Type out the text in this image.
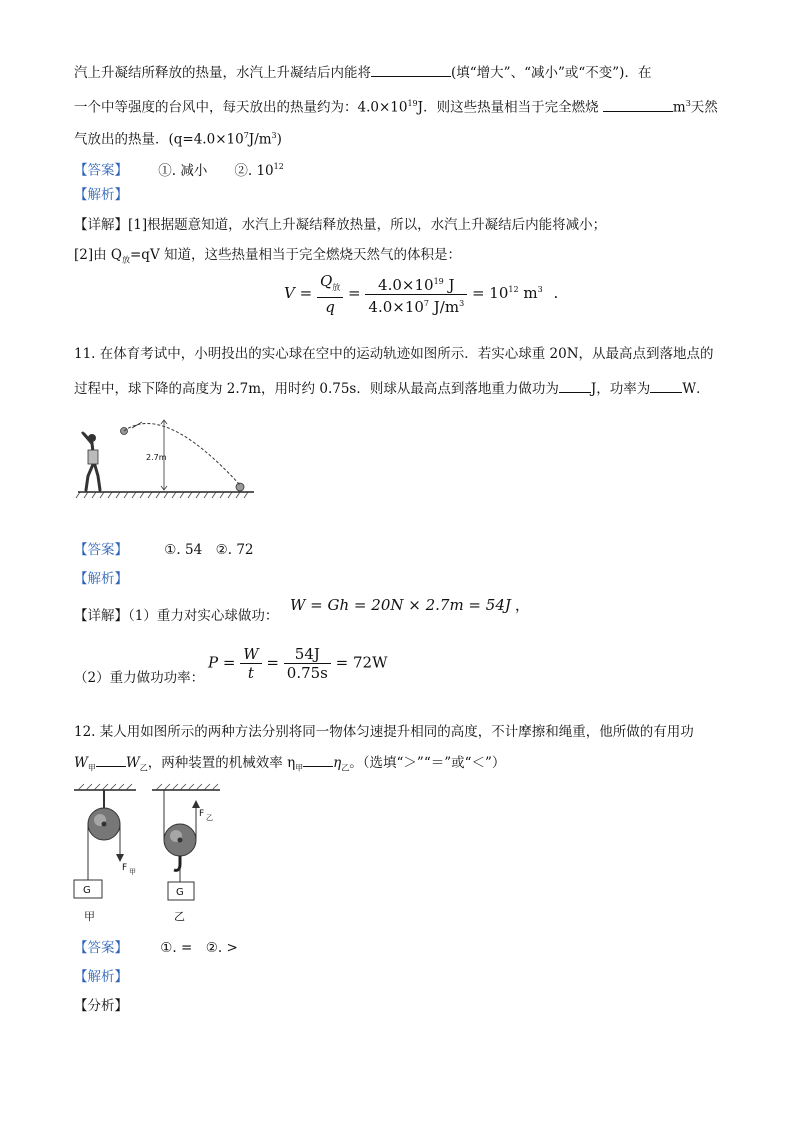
汽上升凝结所释放的热量，水汽上升凝结后内能将	(填“增大”、“减小”或“不变”)．在
一个中等强度的台风中，每天放出的热量约为：$4.0\times 10^{19}J$．则这些热量相当于完全燃烧	$m^3$天然
气放出的热量．$(q=4.0\times 10^7J/m^3)$
【答案】 ①. 减小　　②. $10^{12}$
【解析】
【详解】[1]根据题意知道，水汽上升凝结释放热量，所以，水汽上升凝结后内能将减小；
[2]由 $Q_放=qV$ 知道，这些热量相当于完全燃烧天然气的体积是：
$V = \frac{Q_放}{q} = \frac{4.0\times 10^{19} J}{4.0\times 10^7 J/m^3} = 10^{12}$ $m^3$ .
11. 在体育考试中，小明投出的实心球在空中的运动轨迹如图所示．若实心球重 20N，从最高点到落地点的
过程中，球下降的高度为 2.7m，用时约 0.75s．则球从最高点到落地重力做功为 J，功率为 W．
2.7m
【答案】	①. 54　②. 72
【解析】
【详解】（1）重力对实心球做功：
W = Gh = 20N × 2.7m = 54J ，
（2）重力做功功率：
$P = \frac{W}{t} = \frac{54J}{0.75s} = 72W$
12. 某人用如图所示的两种方法分别将同一物体匀速提升相同的高度，不计摩擦和绳重，他所做的有用功
$W_甲$ $W_乙$，两种装置的机械效率 $\eta_甲$ $\eta_乙$。（选填“＞”“＝”或“＜”）
F 甲
G
甲
F 乙
G
乙
【答案】 ①. =　②. >
【解析】
【分析】
